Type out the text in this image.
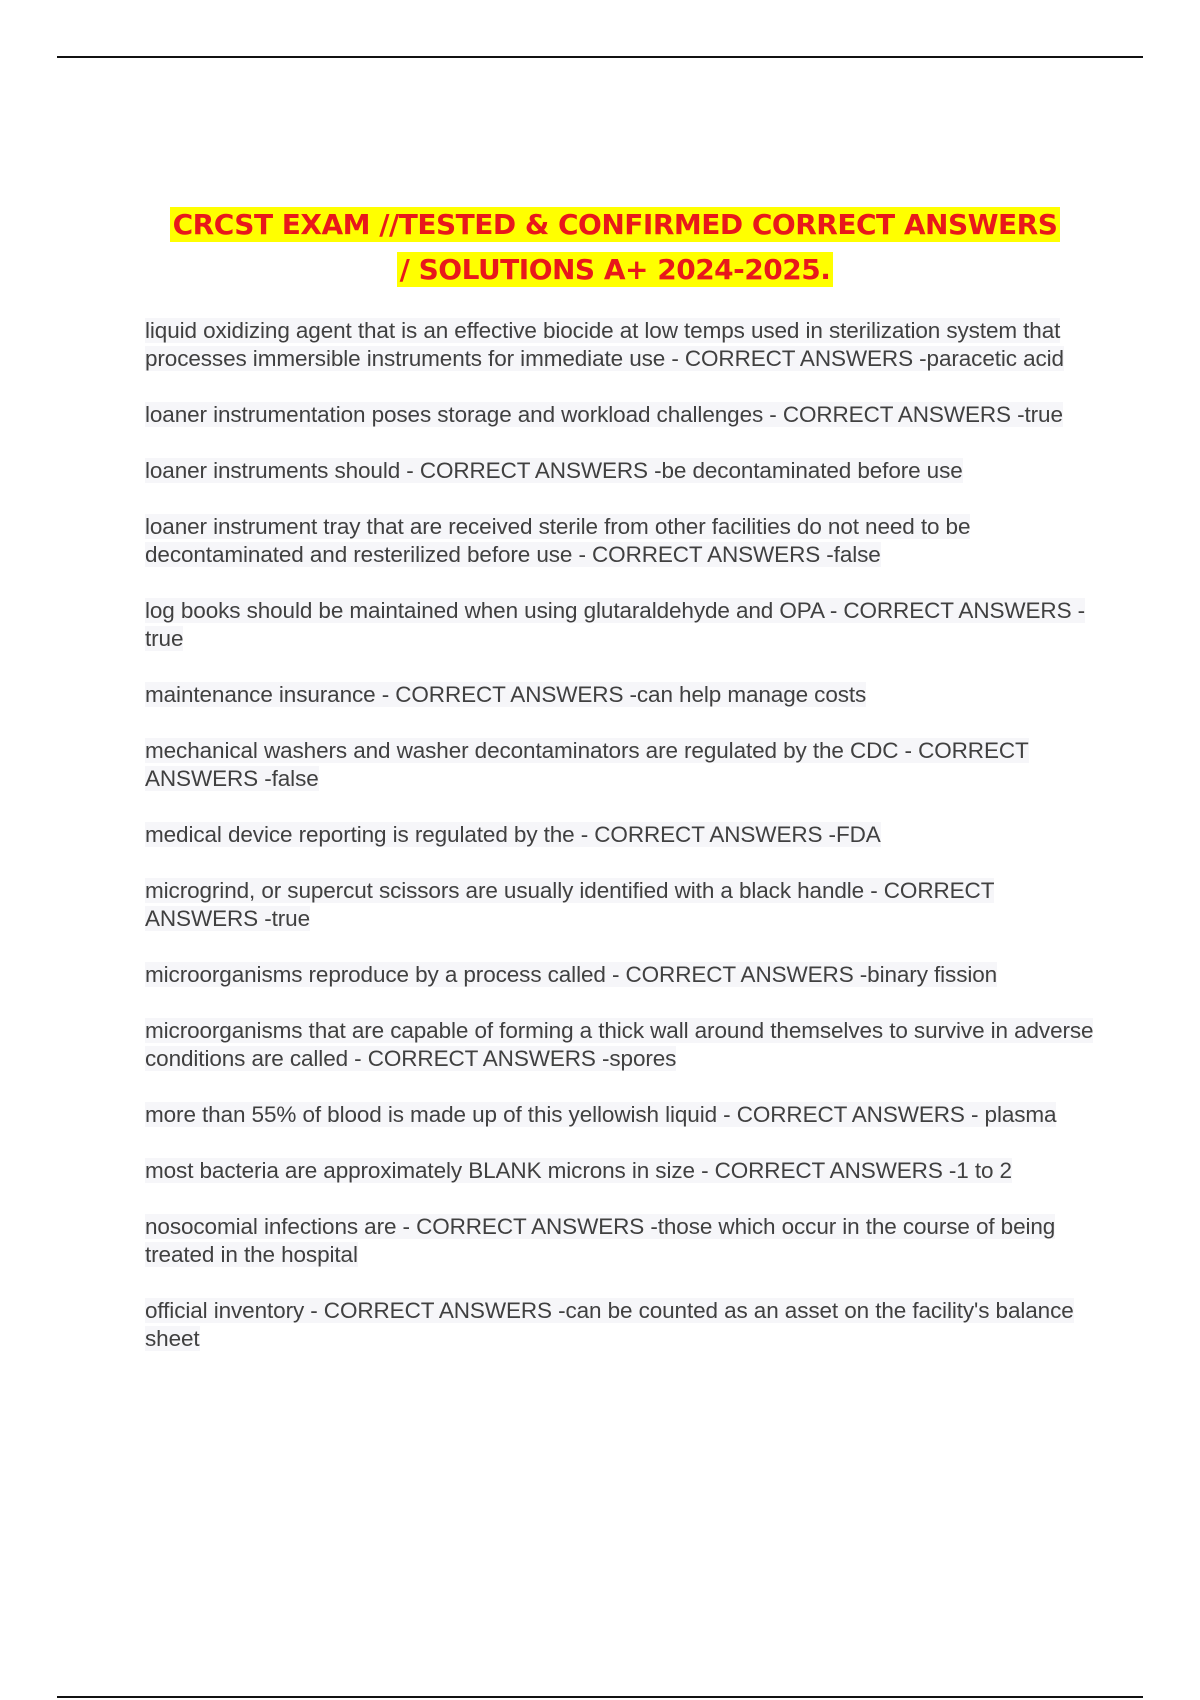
CRCST EXAM //TESTED & CONFIRMED CORRECT ANSWERS
/ SOLUTIONS A+ 2024-2025.

liquid oxidizing agent that is an effective biocide at low temps used in sterilization system that processes immersible instruments for immediate use - CORRECT ANSWERS -paracetic acid

loaner instrumentation poses storage and workload challenges - CORRECT ANSWERS -true

loaner instruments should - CORRECT ANSWERS -be decontaminated before use

loaner instrument tray that are received sterile from other facilities do not need to be decontaminated and resterilized before use - CORRECT ANSWERS -false

log books should be maintained when using glutaraldehyde and OPA - CORRECT ANSWERS -true

maintenance insurance - CORRECT ANSWERS -can help manage costs

mechanical washers and washer decontaminators are regulated by the CDC - CORRECT ANSWERS -false

medical device reporting is regulated by the - CORRECT ANSWERS -FDA

microgrind, or supercut scissors are usually identified with a black handle - CORRECT ANSWERS -true

microorganisms reproduce by a process called - CORRECT ANSWERS -binary fission

microorganisms that are capable of forming a thick wall around themselves to survive in adverse conditions are called - CORRECT ANSWERS -spores

more than 55% of blood is made up of this yellowish liquid - CORRECT ANSWERS - plasma

most bacteria are approximately BLANK microns in size - CORRECT ANSWERS -1 to 2

nosocomial infections are - CORRECT ANSWERS -those which occur in the course of being treated in the hospital

official inventory - CORRECT ANSWERS -can be counted as an asset on the facility's balance sheet
